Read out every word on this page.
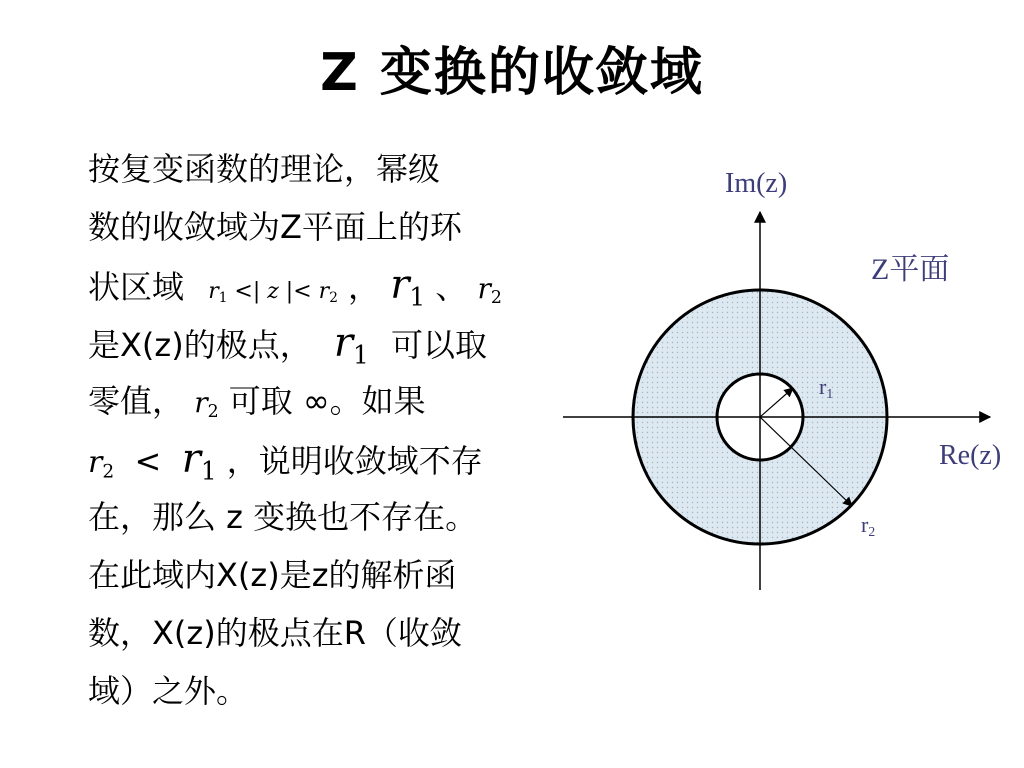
Z 变换的收敛域
按复变函数的理论，幂级
数的收敛域为Z平面上的环
状区域 $r_1$ <| z |< $r_2$ ， $r_1$ 、 $r_2$
是X(z)的极点， $r_1$ 可以取
零值， $r_2$ 可取 ∞。如果
$r_2 < r_1$ ，说明收敛域不存
在，那么 z 变换也不存在。
在此域内X(z)是z的解析函
数，X(z)的极点在R（收敛
域）之外。
Im(z)
Re(z)
Z平面
$r_1$
$r_2$
